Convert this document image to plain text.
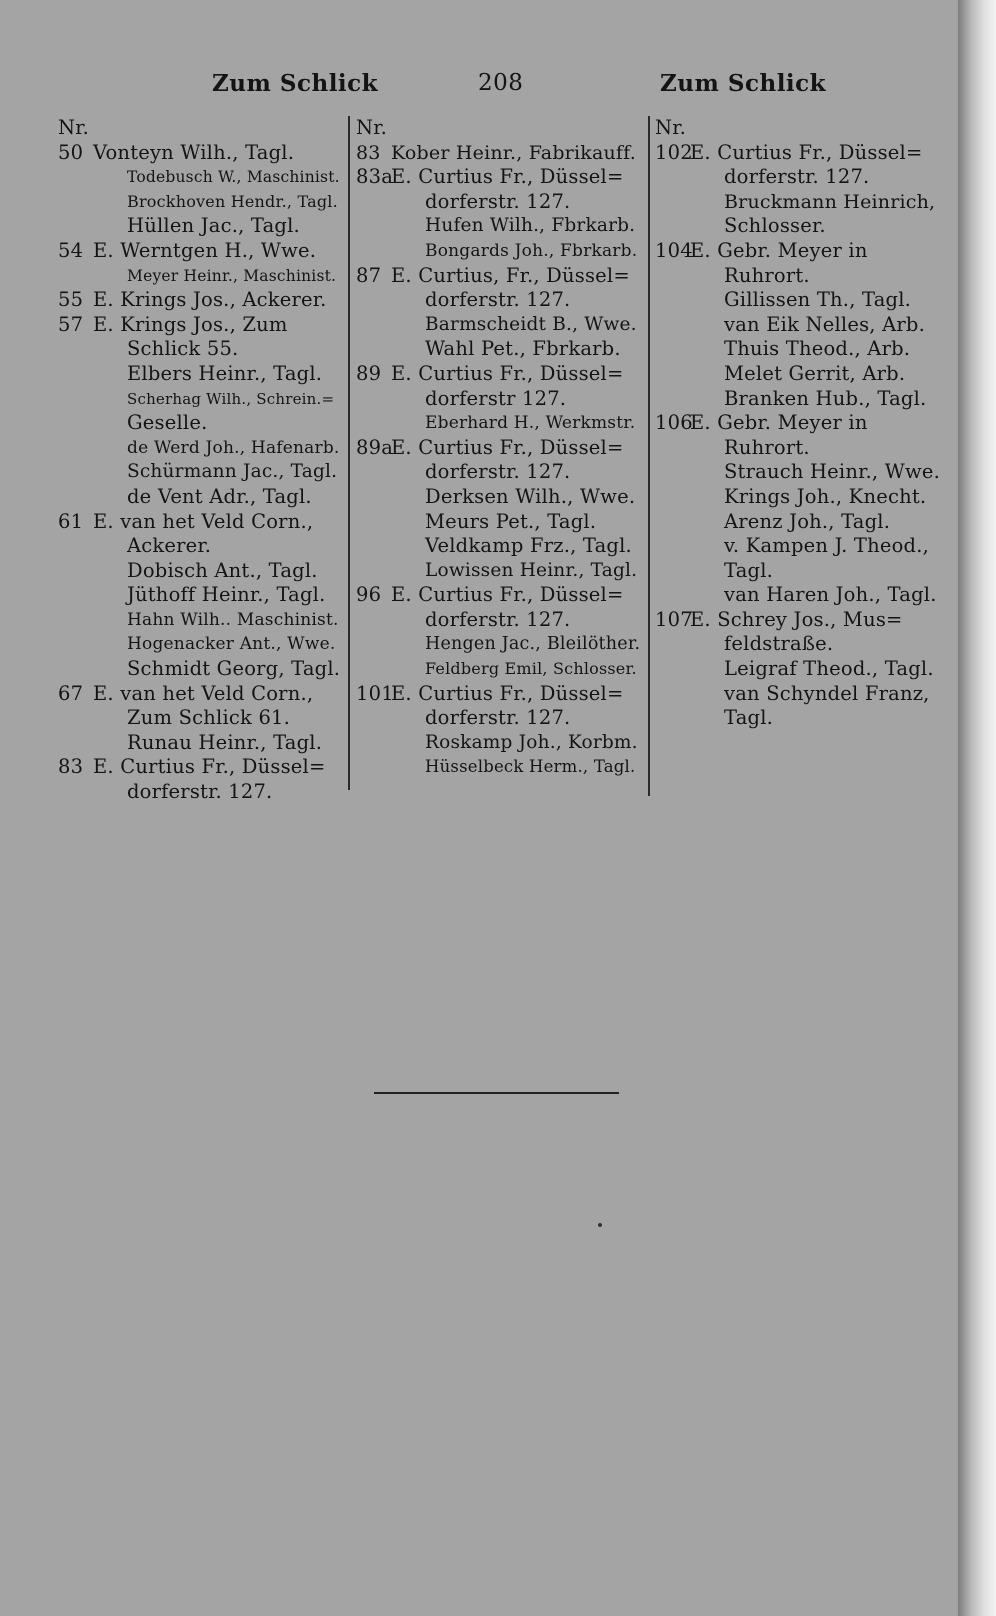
Zum Schlick	208	Zum Schlick
Nr.
50 Vonteyn Wilh., Tagl.
Todebusch W., Maschinist.
Brockhoven Hendr., Tagl.
Hüllen Jac., Tagl.
54 E. Werntgen H., Wwe.
Meyer Heinr., Maschinist.
55 E. Krings Jos., Ackerer.
57 E. Krings Jos., Zum
Schlick 55.
Elbers Heinr., Tagl.
Scherhag Wilh., Schrein.=
Geselle.
de Werd Joh., Hafenarb.
Schürmann Jac., Tagl.
de Vent Adr., Tagl.
61 E. van het Veld Corn.,
Ackerer.
Dobisch Ant., Tagl.
Jüthoff Heinr., Tagl.
Hahn Wilh.. Maschinist.
Hogenacker Ant., Wwe.
Schmidt Georg, Tagl.
67 E. van het Veld Corn.,
Zum Schlick 61.
Runau Heinr., Tagl.
83 E. Curtius Fr., Düssel=
dorferstr. 127.
Nr.
83 Kober Heinr., Fabrikauff.
83a
E. Curtius Fr., Düssel=
dorferstr. 127.
Hufen Wilh., Fbrkarb.
Bongards Joh., Fbrkarb.
87 E. Curtius, Fr., Düssel=
dorferstr. 127.
Barmscheidt B., Wwe.
Wahl Pet., Fbrkarb.
89 E. Curtius Fr., Düssel=
dorferstr 127.
Eberhard H., Werkmstr.
89a
E. Curtius Fr., Düssel=
dorferstr. 127.
Derksen Wilh., Wwe.
Meurs Pet., Tagl.
Veldkamp Frz., Tagl.
Lowissen Heinr., Tagl.
96 E. Curtius Fr., Düssel=
dorferstr. 127.
Hengen Jac., Bleilöther.
Feldberg Emil, Schlosser.
101
E. Curtius Fr., Düssel=
dorferstr. 127.
Roskamp Joh., Korbm.
Hüsselbeck Herm., Tagl.
Nr.
102
E. Curtius Fr., Düssel=
dorferstr. 127.
Bruckmann Heinrich,
Schlosser.
104
E. Gebr. Meyer in
Ruhrort.
Gillissen Th., Tagl.
van Eik Nelles, Arb.
Thuis Theod., Arb.
Melet Gerrit, Arb.
Branken Hub., Tagl.
106
E. Gebr. Meyer in
Ruhrort.
Strauch Heinr., Wwe.
Krings Joh., Knecht.
Arenz Joh., Tagl.
v. Kampen J. Theod.,
Tagl.
van Haren Joh., Tagl.
107
E. Schrey Jos., Mus=
feldstraße.
Leigraf Theod., Tagl.
van Schyndel Franz,
Tagl.
